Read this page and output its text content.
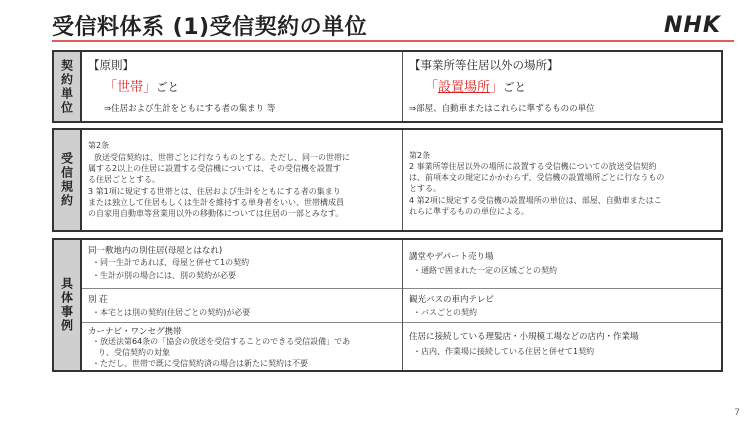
受信料体系 (1)受信契約の単位	NHK
契約単位 【原則】
「世帯」ごと
⇒住居および生計をともにする者の集まり 等
【事業所等住居以外の場所】
「設置場所」ごと
⇒部屋、自動車またはこれらに準ずるものの単位
受信規約
第2条
放送受信契約は、世帯ごとに行なうものとする。ただし、同一の世帯に
属する2以上の住居に設置する受信機については、その受信機を設置す
る住居ごととする。
3 第1項に規定する世帯とは、住居および生計をともにする者の集まり
または独立して住居もしくは生計を維持する単身者をいい、世帯構成員
の自家用自動車等営業用以外の移動体については住居の一部とみなす。
第2条
2 事業所等住居以外の場所に設置する受信機についての放送受信契約
は、前項本文の規定にかかわらず、受信機の設置場所ごとに行なうもの
とする。
4 第2項に規定する受信機の設置場所の単位は、部屋、自動車またはこ
れらに準ずるものの単位による。
具体事例
同一敷地内の別住居(母屋とはなれ)
・同一生計であれば、母屋と併せて1の契約
・生計が別の場合には、別の契約が必要
別 荘
・本宅とは別の契約(住居ごとの契約)が必要
カーナビ・ワンセグ携帯
・放送法第64条の「協会の放送を受信することのできる受信設備」であ
り、受信契約の対象
・ただし、世帯で既に受信契約済の場合は新たに契約は不要
講堂やデパート売り場
・通路で囲まれた一定の区域ごとの契約
観光バスの車内テレビ
・バスごとの契約
住居に接続している理髪店・小規模工場などの店内・作業場
・店内、作業場に接続している住居と併せて1契約
7
